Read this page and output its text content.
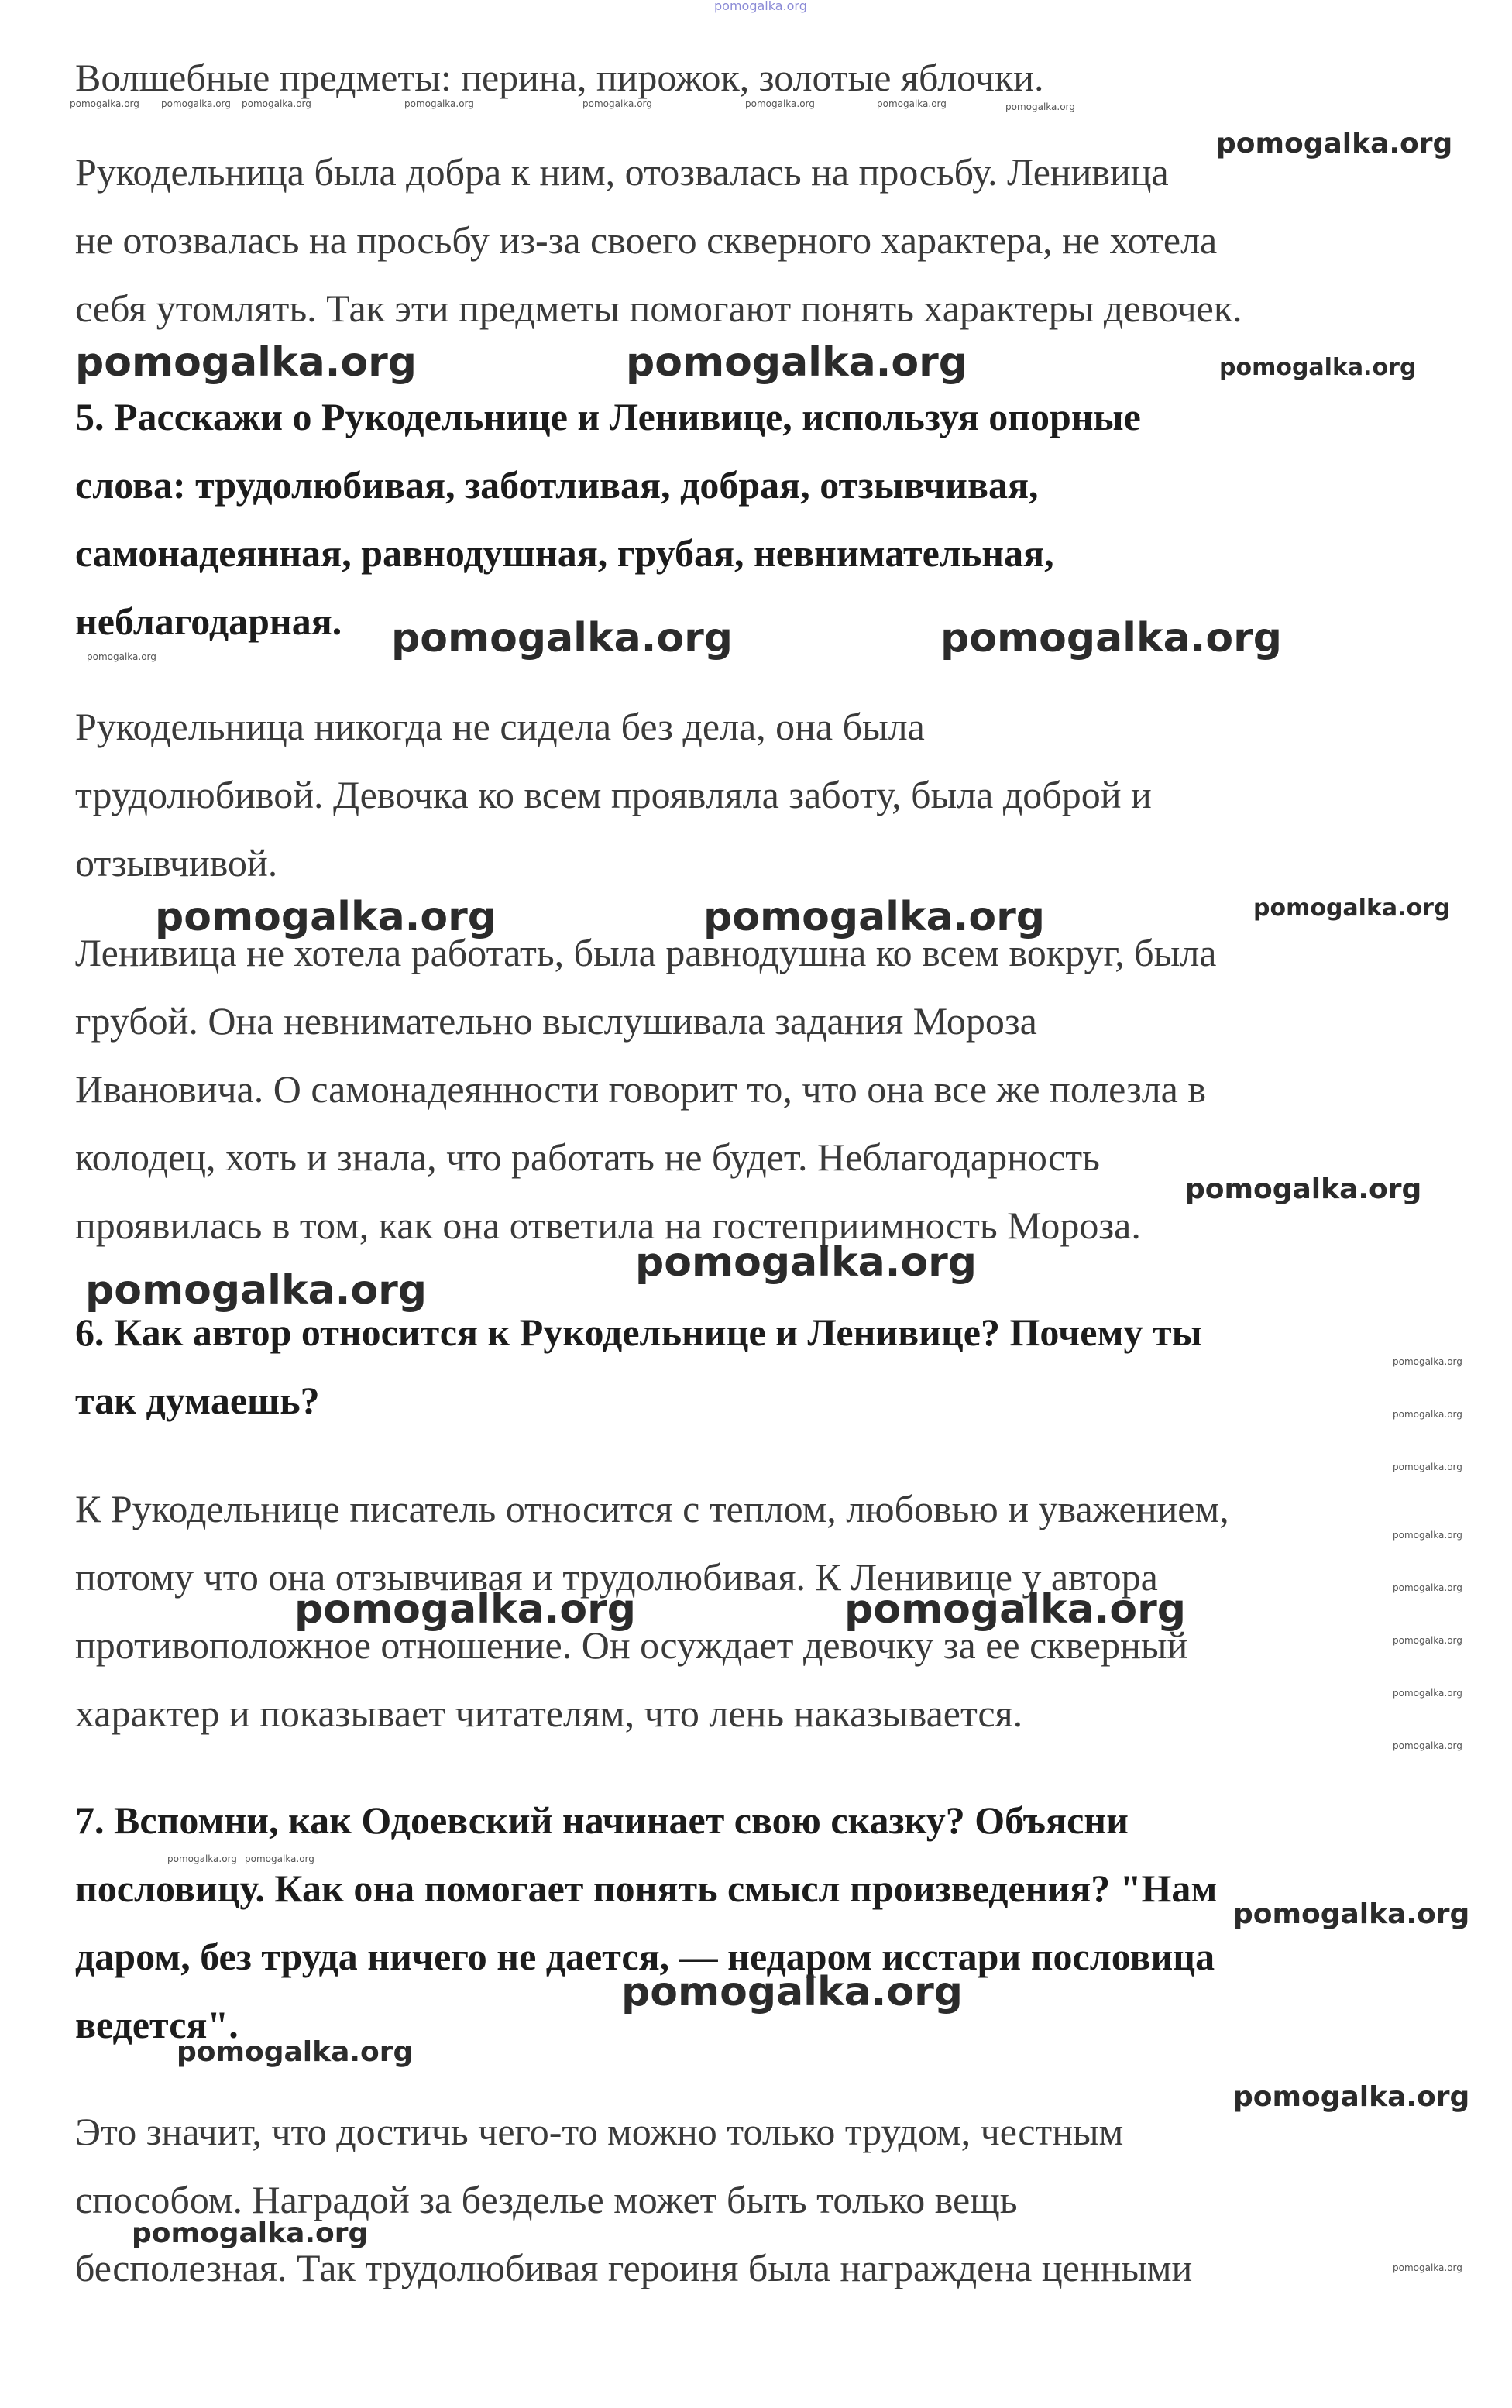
pomogalka.org
Волшебные предметы: перина, пирожок, золотые яблочки.
pomogalka.org pomogalka.org pomogalka.org	pomogalka.org	pomogalka.org	pomogalka.org	pomogalka.org	pomogalka.org
pomogalka.org
Рукодельница была добра к ним, отозвалась на просьбу. Ленивица
не отозвалась на просьбу из-за своего скверного характера, не хотела
себя утомлять. Так эти предметы помогают понять характеры девочек.
pomogalka.org	pomogalka.org	pomogalka.org
5. Расскажи о Рукодельнице и Ленивице, используя опорные
слова: трудолюбивая, заботливая, добрая, отзывчивая,
самонадеянная, равнодушная, грубая, невнимательная,
неблагодарная. pomogalka.org	pomogalka.org
pomogalka.org
Рукодельница никогда не сидела без дела, она была
трудолюбивой. Девочка ко всем проявляла заботу, была доброй и
отзывчивой.
Ленивица не хотела работать, была равнодушна ко всем вокруг, была
pomogalka.org	pomogalka.org	pomogalka.org
грубой. Она невнимательно выслушивала задания Мороза
Ивановича. О самонадеянности говорит то, что она все же полезла в
колодец, хоть и знала, что работать не будет. Неблагодарность
pomogalka.org
проявилась в том, как она ответила на гостеприимность Мороза.
pomogalka.org
pomogalka.org
6. Как автор относится к Рукодельнице и Ленивице? Почему ты
так думаешь?
pomogalka.org
pomogalka.org
pomogalka.org
pomogalka.org
pomogalka.org
pomogalka.org
pomogalka.org
pomogalka.org
К Рукодельнице писатель относится с теплом, любовью и уважением,
потому что она отзывчивая и трудолюбивая. К Ленивице у автора
противоположное отношение. Он осуждает девочку за ее скверный
pomogalka.org	pomogalka.org
характер и показывает читателям, что лень наказывается.
7. Вспомни, как Одоевский начинает свою сказку? Объясни
pomogalka.org pomogalka.org
пословицу. Как она помогает понять смысл произведения? "Нам
pomogalka.org
даром, без труда ничего не дается, — недаром исстари пословица
pomogalka.org
ведется".
pomogalka.org
pomogalka.org
Это значит, что достичь чего-то можно только трудом, честным
способом. Наградой за безделье может быть только вещь
pomogalka.org
бесполезная. Так трудолюбивая героиня была награждена ценными	pomogalka.org
